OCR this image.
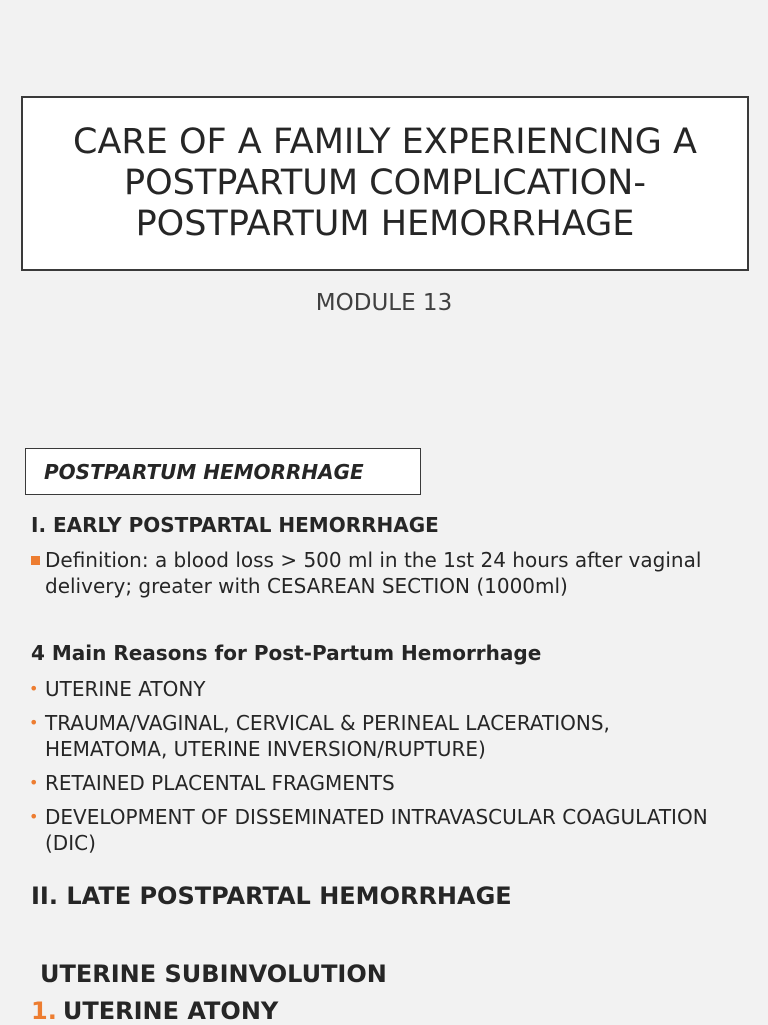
CARE OF A FAMILY EXPERIENCING A
POSTPARTUM COMPLICATION-
POSTPARTUM HEMORRHAGE
MODULE 13
POSTPARTUM HEMORRHAGE
I. EARLY POSTPARTAL HEMORRHAGE
Definition: a blood loss > 500 ml in the 1st 24 hours after vaginal delivery; greater with CESAREAN SECTION (1000ml)
4 Main Reasons for Post-Partum Hemorrhage
• UTERINE ATONY
• TRAUMA/VAGINAL, CERVICAL & PERINEAL LACERATIONS, HEMATOMA, UTERINE INVERSION/RUPTURE)
• RETAINED PLACENTAL FRAGMENTS
• DEVELOPMENT OF DISSEMINATED INTRAVASCULAR COAGULATION (DIC)
II. LATE POSTPARTAL HEMORRHAGE
UTERINE SUBINVOLUTION
1. UTERINE ATONY
